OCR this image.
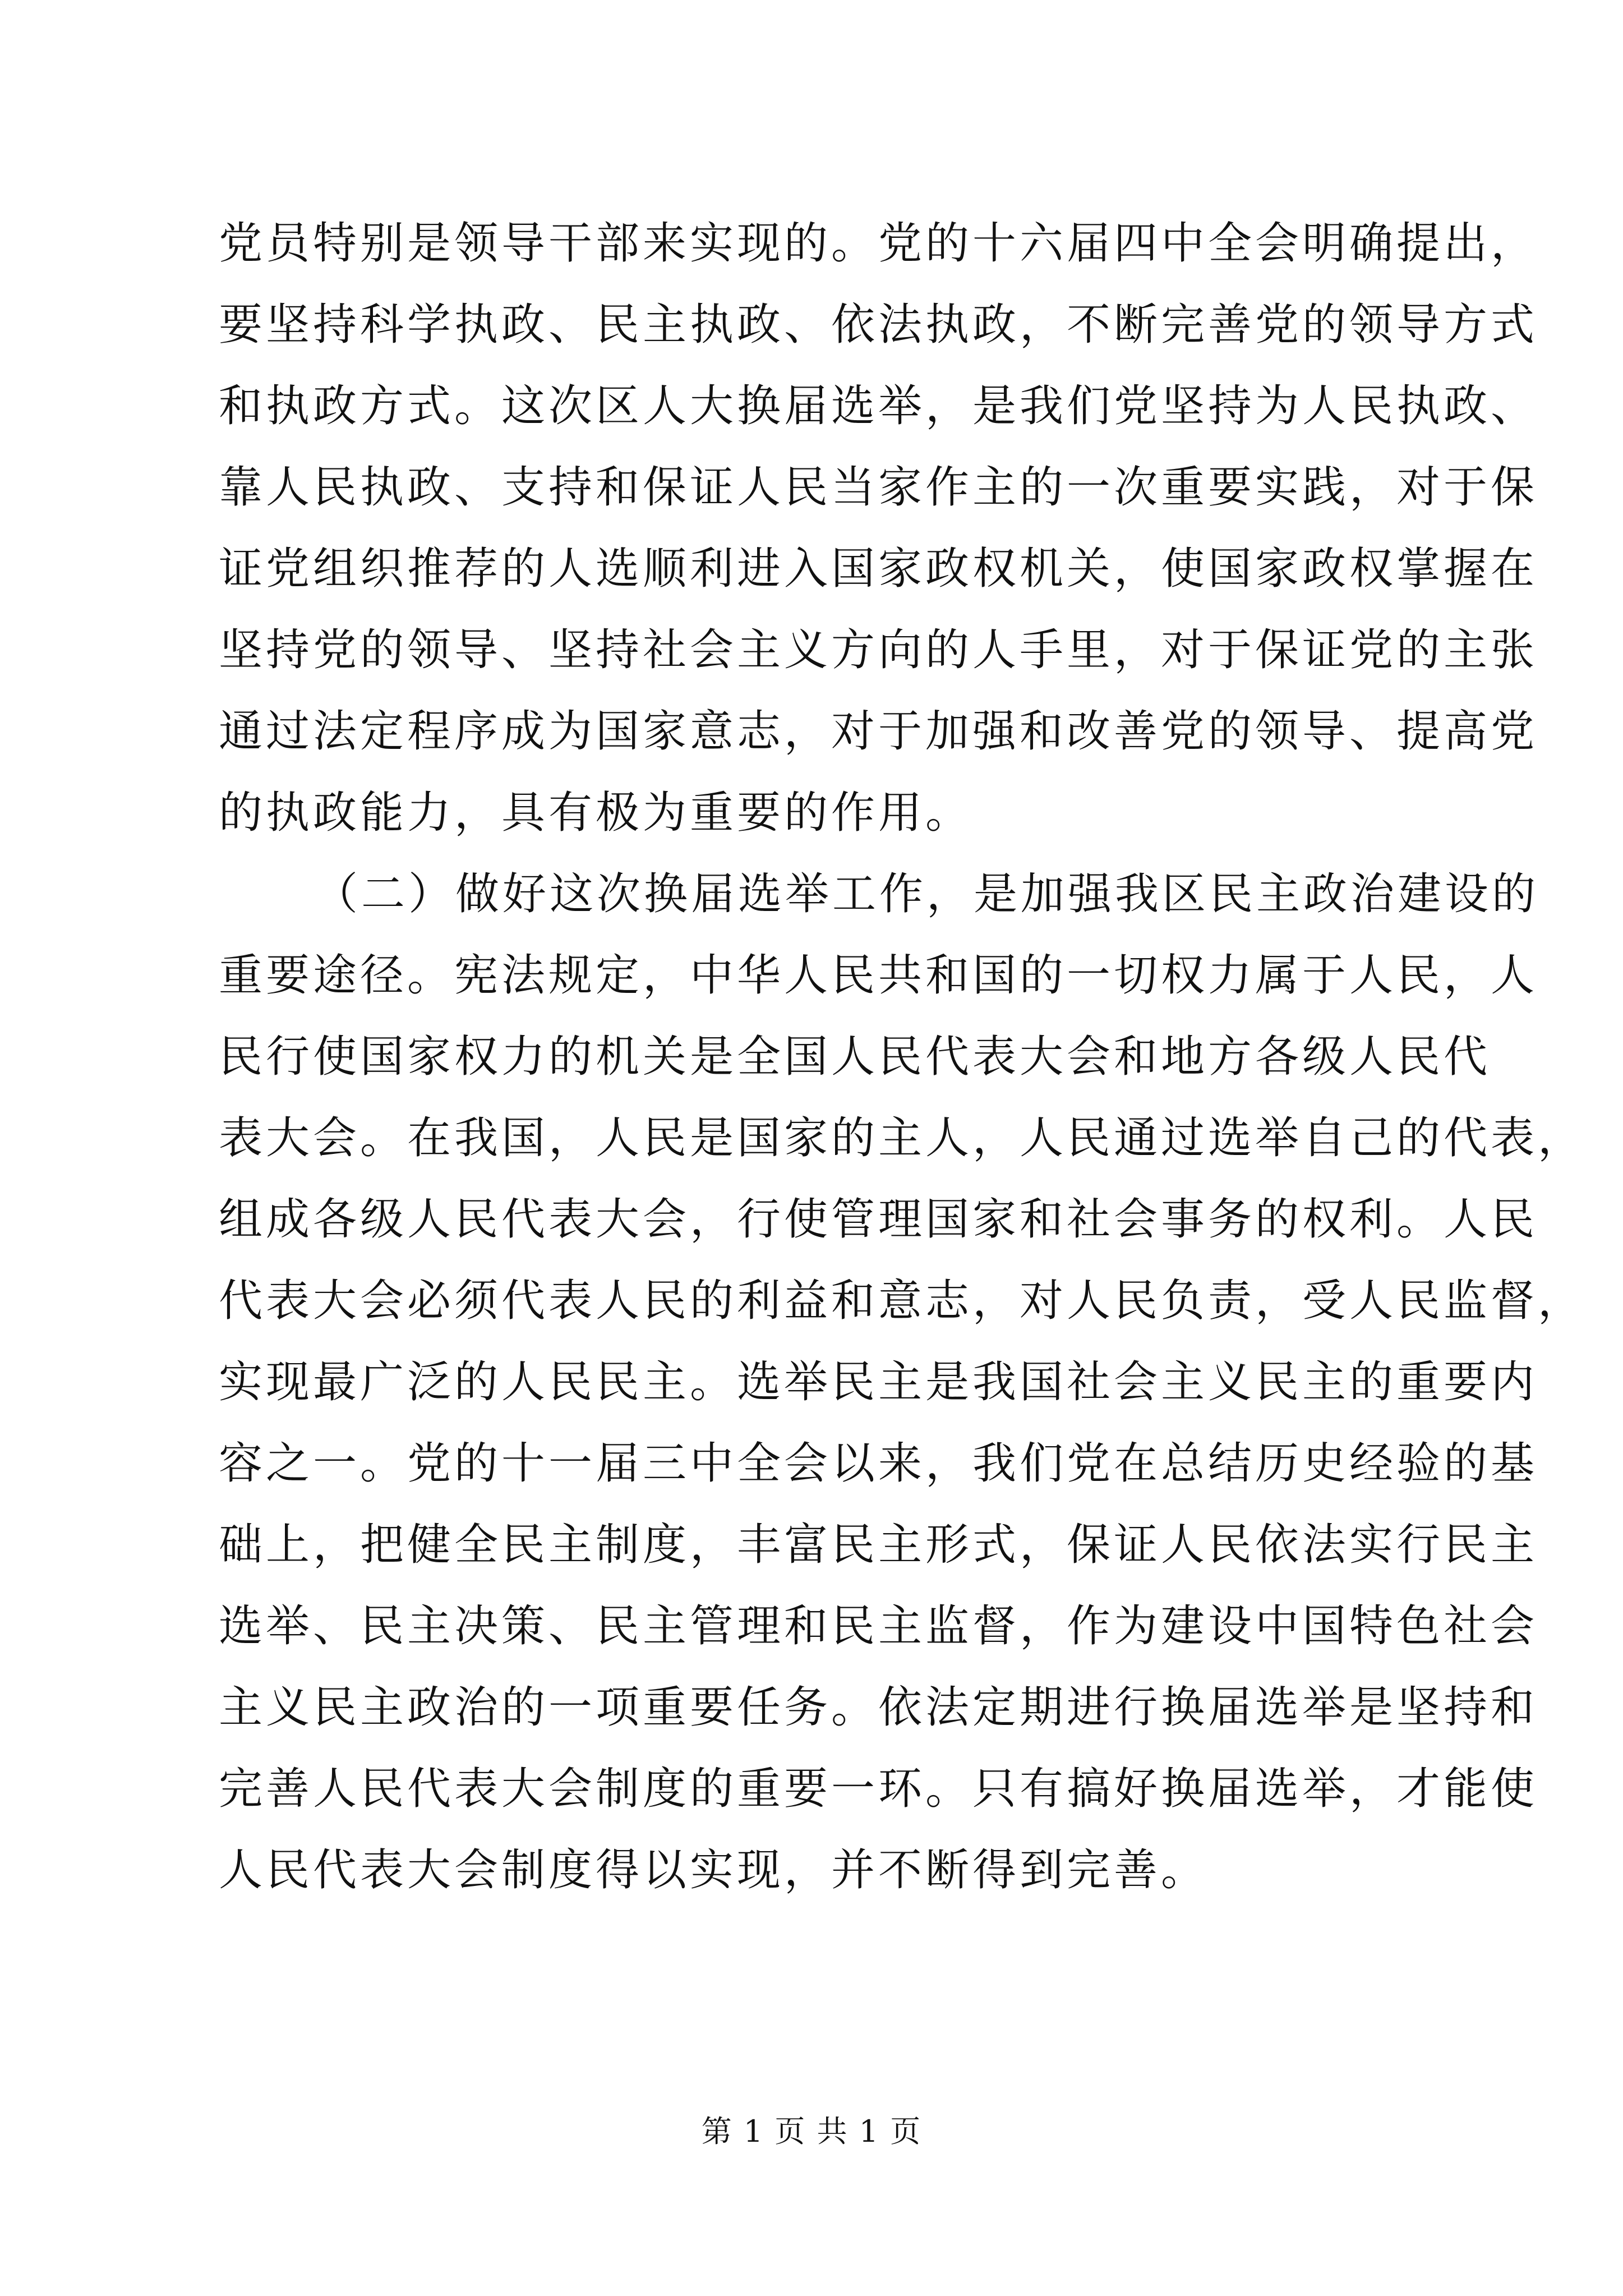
党员特别是领导干部来实现的。党的十六届四中全会明确提出，
要坚持科学执政、民主执政、依法执政，不断完善党的领导方式
和执政方式。这次区人大换届选举，是我们党坚持为人民执政、
靠人民执政、支持和保证人民当家作主的一次重要实践，对于保
证党组织推荐的人选顺利进入国家政权机关，使国家政权掌握在
坚持党的领导、坚持社会主义方向的人手里，对于保证党的主张
通过法定程序成为国家意志，对于加强和改善党的领导、提高党
的执政能力，具有极为重要的作用。
（二）做好这次换届选举工作，是加强我区民主政治建设的
重要途径。宪法规定，中华人民共和国的一切权力属于人民，人
民行使国家权力的机关是全国人民代表大会和地方各级人民代
表大会。在我国，人民是国家的主人，人民通过选举自己的代表，
组成各级人民代表大会，行使管理国家和社会事务的权利。人民
代表大会必须代表人民的利益和意志，对人民负责，受人民监督，
实现最广泛的人民民主。选举民主是我国社会主义民主的重要内
容之一。党的十一届三中全会以来，我们党在总结历史经验的基
础上，把健全民主制度，丰富民主形式，保证人民依法实行民主
选举、民主决策、民主管理和民主监督，作为建设中国特色社会
主义民主政治的一项重要任务。依法定期进行换届选举是坚持和
完善人民代表大会制度的重要一环。只有搞好换届选举，才能使
人民代表大会制度得以实现，并不断得到完善。
第 1 页 共 1 页
